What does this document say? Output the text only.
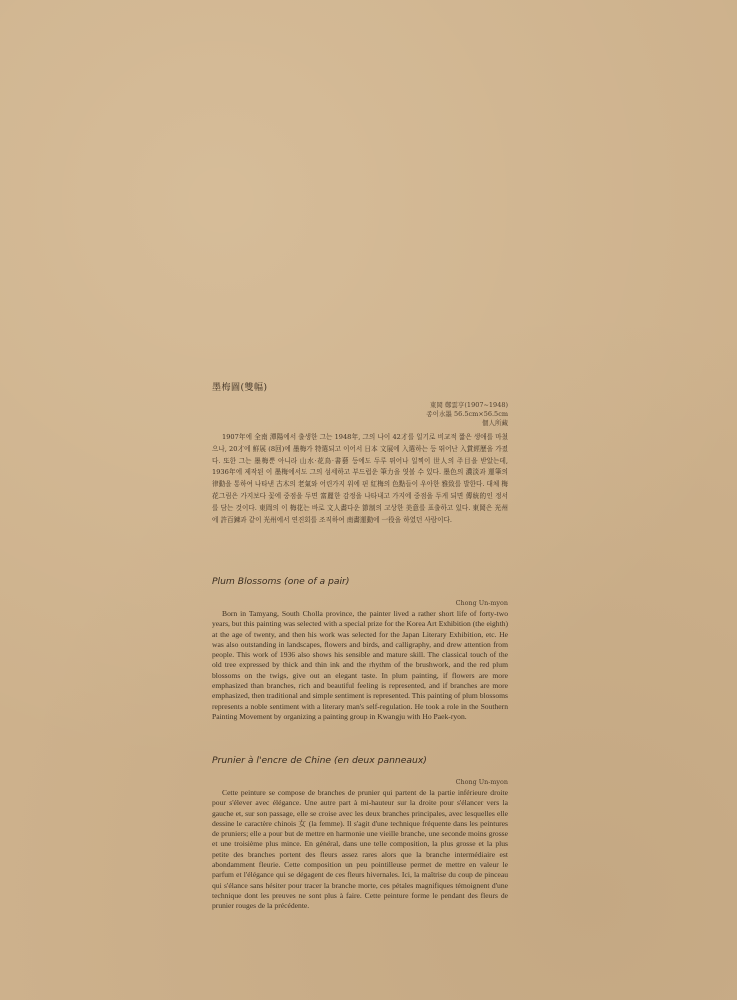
墨梅圖(雙幅)
東岡 鄭雲亨(1907~1948)
종이水墨 56.5cm×56.5cm
個人所藏

1907年에 全南 潭陽에서 출생한 그는 1948年, 그의 나이 42才를 일기로 비교적 짧은 생애를 마쳤으나, 20才에 鮮展 (8回)에 墨梅가 特選되고 이어서 日本 文展에 入選하는 등 뛰어난 入賞經歷을 가졌다. 또한 그는 墨梅뿐 아니라 山水·花鳥·書藝 등에도 두루 뛰어나 일찍이 世人의 주目을 받았는데, 1936年에 제작된 이 墨梅에서도 그의 섬세하고 부드럽운 筆力을 엿볼 수 있다. 墨色의 濃淡과 運筆의 律動을 통하여 나타낸 古木의 老氣와 어린가지 위에 핀 紅梅의 色點들이 우아한 雅致를 발한다. 대체 梅花그림은 가지보다 꽃에 중점을 두면 富麗한 감정을 나타내고 가지에 중점을 두게 되면 傳統的인 정서를 담는 것이다. 東岡의 이 梅花는 바로 文人畵다운 節制의 고상한 美意를 표출하고 있다. 東岡은 光州에 許百鍊과 같이 光州에서 연진회를 조직하여 南畵運動에 一役을 하였던 사람이다.

Plum Blossoms (one of a pair)
Chong Un-myon

Born in Tamyang, South Cholla province, the painter lived a rather short life of forty-two years, but this painting was selected with a special prize for the Korea Art Exhibition (the eighth) at the age of twenty, and then his work was selected for the Japan Literary Exhibition, etc. He was also outstanding in landscapes, flowers and birds, and calligraphy, and drew attention from people. This work of 1936 also shows his sensible and mature skill. The classical touch of the old tree expressed by thick and thin ink and the rhythm of the brushwork, and the red plum blossoms on the twigs, give out an elegant taste. In plum painting, if flowers are more emphasized than branches, rich and beautiful feeling is represented, and if branches are more emphasized, then traditional and simple sentiment is represented. This painting of plum blossoms represents a noble sentiment with a literary man's self-regulation. He took a role in the Southern Painting Movement by organizing a painting group in Kwangju with Ho Paek-ryon.

Prunier à l'encre de Chine (en deux panneaux)
Chong Un-myon

Cette peinture se compose de branches de prunier qui partent de la partie inférieure droite pour s'élever avec élégance. Une autre part à mi-hauteur sur la droite pour s'élancer vers la gauche et, sur son passage, elle se croise avec les deux branches principales, avec lesquelles elle dessine le caractère chinois 女 (la femme). Il s'agit d'une technique fréquente dans les peintures de pruniers; elle a pour but de mettre en harmonie une vieille branche, une seconde moins grosse et une troisième plus mince. En général, dans une telle composition, la plus grosse et la plus petite des branches portent des fleurs assez rares alors que la branche intermédiaire est abondamment fleurie. Cette composition un peu pointilleuse permet de mettre en valeur le parfum et l'élégance qui se dégagent de ces fleurs hivernales. Ici, la maîtrise du coup de pinceau qui s'élance sans hésiter pour tracer la branche morte, ces pétales magnifiques témoignent d'une technique dont les preuves ne sont plus à faire. Cette peinture forme le pendant des fleurs de prunier rouges de la précédente.
